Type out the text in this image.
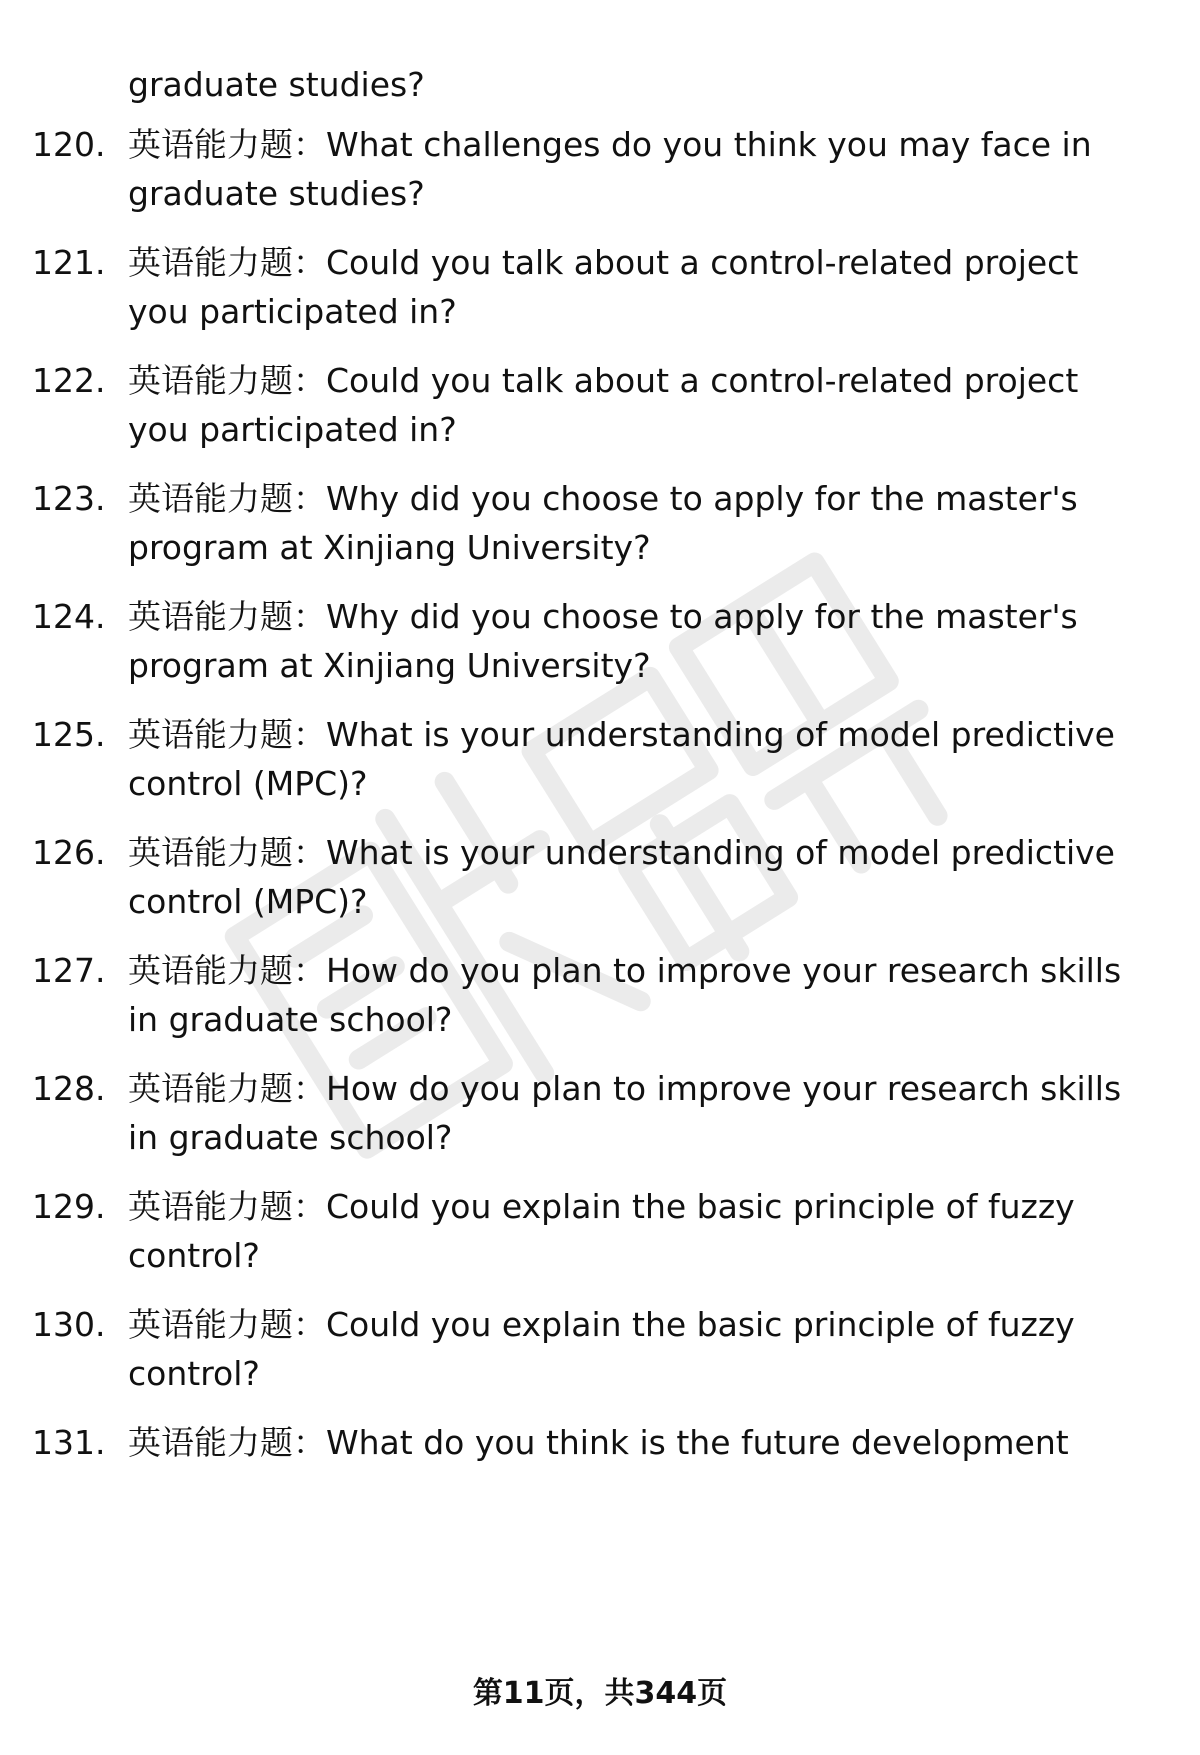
graduate studies?
120. 英语能力题：What challenges do you think you may face in graduate studies?
121. 英语能力题：Could you talk about a control-related project you participated in?
122. 英语能力题：Could you talk about a control-related project you participated in?
123. 英语能力题：Why did you choose to apply for the master's program at Xinjiang University?
124. 英语能力题：Why did you choose to apply for the master's program at Xinjiang University?
125. 英语能力题：What is your understanding of model predictive control (MPC)?
126. 英语能力题：What is your understanding of model predictive control (MPC)?
127. 英语能力题：How do you plan to improve your research skills in graduate school?
128. 英语能力题：How do you plan to improve your research skills in graduate school?
129. 英语能力题：Could you explain the basic principle of fuzzy control?
130. 英语能力题：Could you explain the basic principle of fuzzy control?
131. 英语能力题：What do you think is the future development
第11页，共344页
